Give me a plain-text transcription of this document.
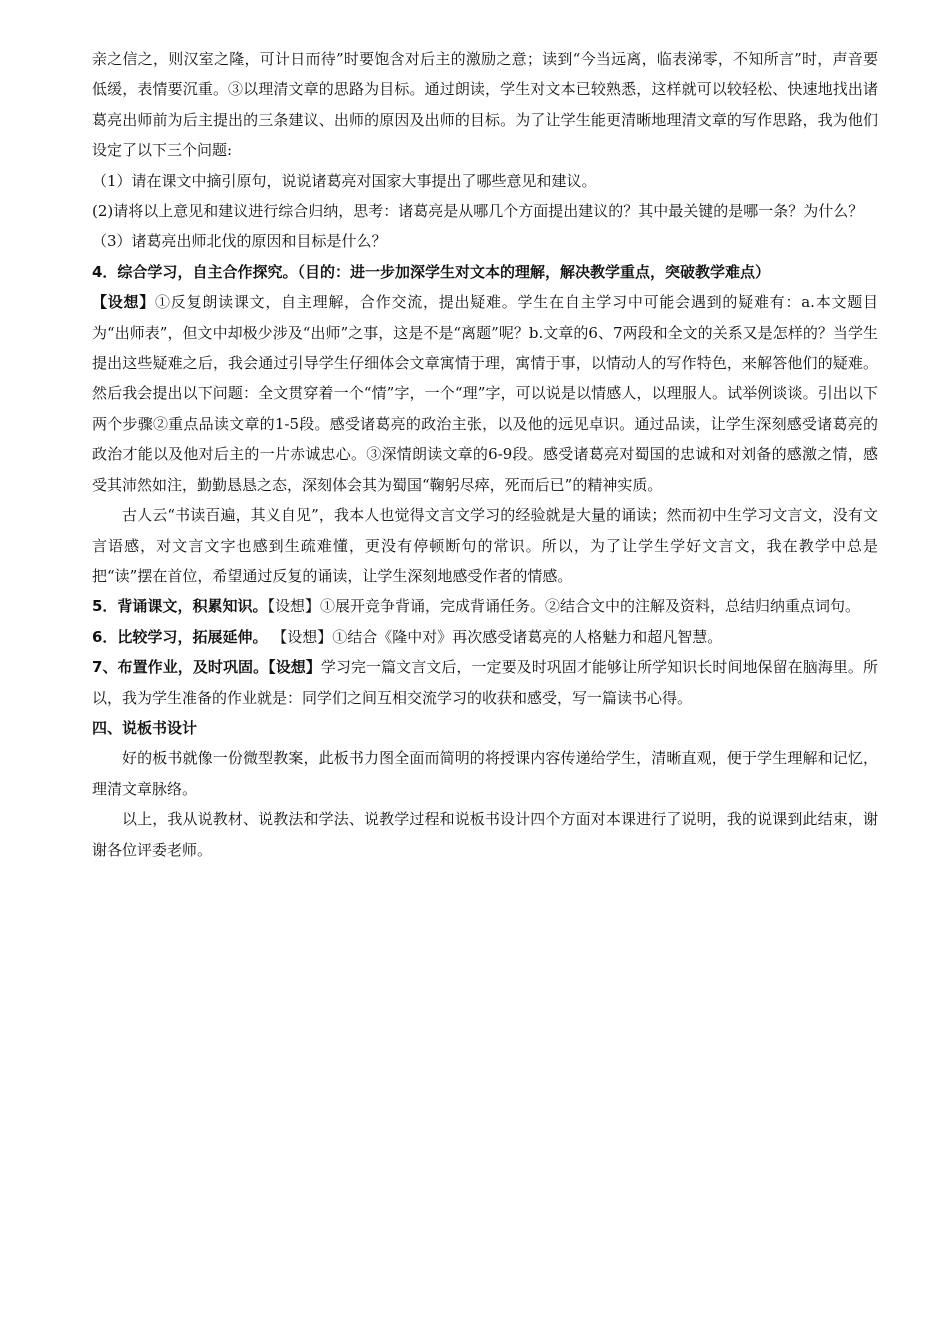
亲之信之，则汉室之隆，可计日而待”时要饱含对后主的激励之意；读到“今当远离，临表涕零，不知所言”时，声音要低缓，表情要沉重。③以理清文章的思路为目标。通过朗读，学生对文本已较熟悉，这样就可以较轻松、快速地找出诸葛亮出师前为后主提出的三条建议、出师的原因及出师的目标。为了让学生能更清晰地理清文章的写作思路，我为他们设定了以下三个问题:

（1）请在课文中摘引原句，说说诸葛亮对国家大事提出了哪些意见和建议。

(2)请将以上意见和建议进行综合归纳，思考：诸葛亮是从哪几个方面提出建议的？其中最关键的是哪一条？为什么？

（3）诸葛亮出师北伐的原因和目标是什么？

4．综合学习，自主合作探究。（目的：进一步加深学生对文本的理解，解决教学重点，突破教学难点）

【设想】①反复朗读课文，自主理解，合作交流，提出疑难。学生在自主学习中可能会遇到的疑难有：a.本文题目为“出师表”，但文中却极少涉及“出师”之事，这是不是“离题”呢？b.文章的6、7两段和全文的关系又是怎样的？当学生提出这些疑难之后，我会通过引导学生仔细体会文章寓情于理，寓情于事，以情动人的写作特色，来解答他们的疑难。然后我会提出以下问题：全文贯穿着一个“情”字，一个“理”字，可以说是以情感人，以理服人。试举例谈谈。引出以下两个步骤②重点品读文章的1-5段。感受诸葛亮的政治主张，以及他的远见卓识。通过品读，让学生深刻感受诸葛亮的政治才能以及他对后主的一片赤诚忠心。③深情朗读文章的6-9段。感受诸葛亮对蜀国的忠诚和对刘备的感激之情，感受其沛然如注，勤勤恳恳之态，深刻体会其为蜀国“鞠躬尽瘁，死而后已”的精神实质。

古人云“书读百遍，其义自见”，我本人也觉得文言文学习的经验就是大量的诵读；然而初中生学习文言文，没有文言语感，对文言文字也感到生疏难懂，更没有停顿断句的常识。所以，为了让学生学好文言文，我在教学中总是把“读”摆在首位，希望通过反复的诵读，让学生深刻地感受作者的情感。

5．背诵课文，积累知识。【设想】①展开竞争背诵，完成背诵任务。②结合文中的注解及资料，总结归纳重点词句。

6．比较学习，拓展延伸。 【设想】①结合《隆中对》再次感受诸葛亮的人格魅力和超凡智慧。

7、布置作业，及时巩固。【设想】学习完一篇文言文后，一定要及时巩固才能够让所学知识长时间地保留在脑海里。所以，我为学生准备的作业就是：同学们之间互相交流学习的收获和感受，写一篇读书心得。

四、说板书设计

好的板书就像一份微型教案，此板书力图全面而简明的将授课内容传递给学生，清晰直观，便于学生理解和记忆，理清文章脉络。

以上，我从说教材、说教法和学法、说教学过程和说板书设计四个方面对本课进行了说明，我的说课到此结束，谢谢各位评委老师。
